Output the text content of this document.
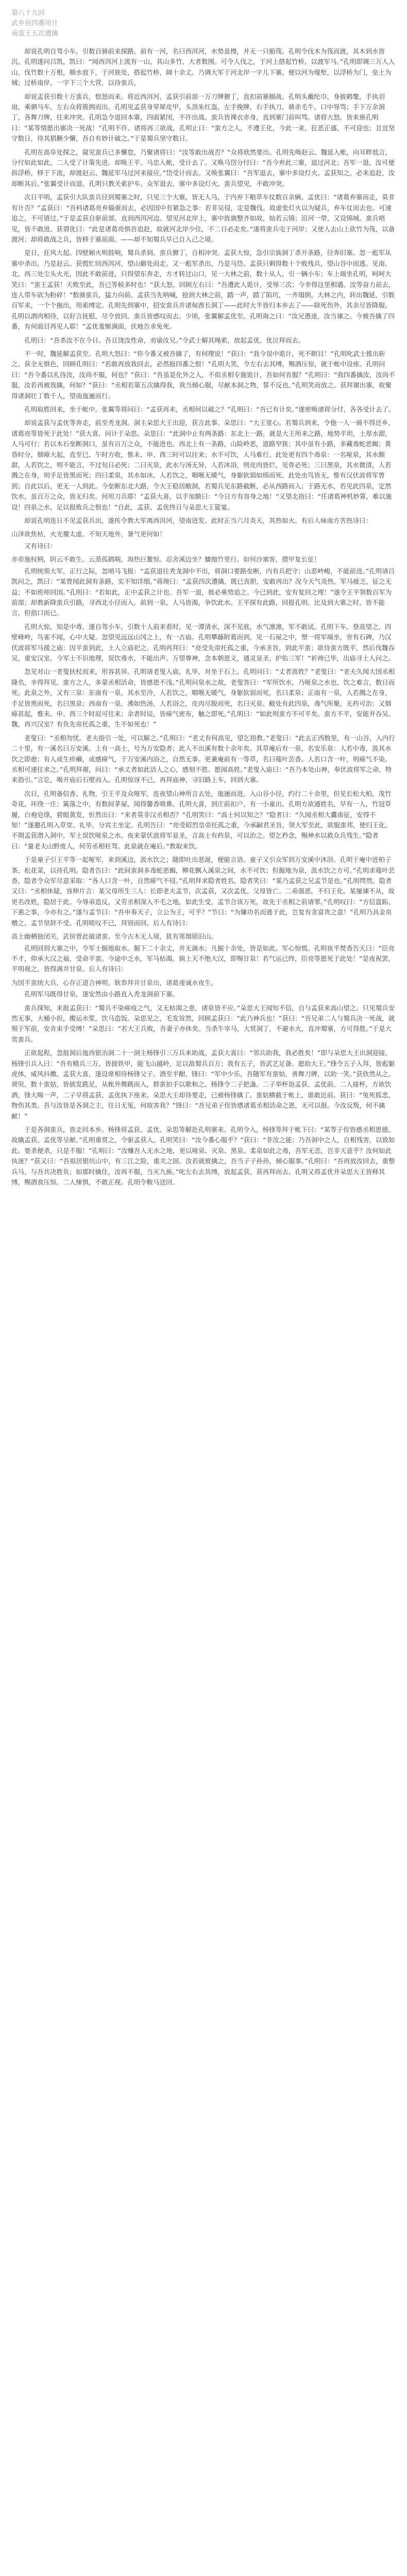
第八十九回
武乡侯四番用计
南蛮王五次遭擒

却说孔明自驾小车，引数百骑前来探路。前有一河，名曰西洱河，水势虽慢，并无一只船筏。孔明令伐木为筏而渡，其木到水皆沉。孔明遂问吕凯，凯曰：“闻西洱河上流有一山，其山多竹，大者数围。可令人伐之，于河上搭起竹桥，以渡军马。”孔明即调三万人入山，伐竹数十万根，顺水放下，于河狭处，搭起竹桥，阔十余丈。乃调大军于河北岸一字儿下寨，便以河为壕堑，以浮桥为门，垒土为城；过桥南岸，一字下三个大营，以待蛮兵。

却说孟获引数十万蛮兵，恨怒而来。将近西洱河，孟获引前部一万刀牌獠丁，直扣前寨搦战。孔明头戴纶巾，身披鹤氅，手执羽扇，乘驷马车，左右众将簇拥而出。孔明见孟获身穿犀皮甲，头顶朱红盔，左手挽牌，右手执刀，骑赤毛牛，口中辱骂；手下万余洞丁，各舞刀牌，往来冲突。孔明急令退回本寨，四面紧闭，不许出战。蛮兵皆裸衣赤身，直到寨门前叫骂。诸将大怒，皆来禀孔明曰：“某等情愿出寨决一死战！”孔明不许。诸将再三欲战，孔明止曰：“蛮方之人，不遵王化，今此一来，狂恶正盛，不可迎也；且宜坚守数日，待其猖獗少懈，吾自有妙计破之。”于是蜀兵坚守数日。

孔明在高阜处探之，窥见蛮兵已多懈怠，乃聚诸将曰：“汝等敢出战否？”众将欣然要出。孔明先唤赵云、魏延入帐，向耳畔低言，分付如此如此。二人受了计策先进。却唤王平、马忠入帐，受计去了。又唤马岱分付曰：“吾今弃此三寨，退过河北；吾军一退，汝可便拆浮桥，移于下流，却渡赵云、魏延军马过河来接应。”岱受计而去。又唤张翼曰：“吾军退去，寨中多设灯火。孟获知之，必来追赶，汝却断其后。”张翼受计而退。孔明只教关索护车。众军退去，寨中多设灯火。蛮兵望见，不敢冲突。

次日平明，孟获引大队蛮兵径到蜀寨之时，只见三个大寨，皆无人马，于内弃下粮草车仗数百余辆。孟优曰：“诸葛弃寨而走，莫非有计否？”孟获曰：“吾料诸葛亮弃辎重而去，必因国中有紧急之事：若非吴侵，定是魏伐。故虚张灯火以为疑兵，弃车仗而去也。可速追之，不可错过。”于是孟获自驱前部，直到西洱河边。望见河北岸上，寨中旌旗整齐如故，灿若云锦；沿河一带，又设锦城。蛮兵哨见，皆不敢进。获谓优曰：“此是诸葛亮惧吾追赶，故就河北岸少住，不二日必走矣。”遂将蛮兵屯于河岸；又使人去山上砍竹为筏，以备渡河；却将敢战之兵，皆移于寨前面。——却不知蜀兵早已自入己之境。

是日，狂风大起。四壁厢火明鼓响，蜀兵杀到。蛮兵獠丁，自相冲突。孟获大惊，急引宗族洞丁杀开条路，径奔旧寨。忽一彪军从寨中杀出，乃是赵云。获慌忙回西洱河，望山僻处而走。又一彪军杀出，乃是马岱。孟获只剩得数十个败残兵，望山谷中而逃。见南、北、西三处尘头火光，因此不敢前进，只得望东奔走，方才转过山口，见一大林之前，数十从人，引一辆小车；车上端坐孔明，呵呵大笑曰：“蛮王孟获！天败至此，吾已等候多时也！”获大怒，回顾左右曰：“吾遭此人诡计，受辱三次；今幸得这里相遇。汝等奋力前去，连人带车砍为粉碎！”数骑蛮兵，猛力向前。孟获当先呐喊，抢到大林之前，踏一声，踏了陷坑，一齐塌倒。大林之内，转出魏延，引数百军来，一个个拖出，用索缚定。孔明先到寨中，招安蛮兵并诸甸酋长洞丁——此时大半皆归本乡去了——除死伤外，其余尽皆降服。孔明以酒肉相待，以好言抚慰，尽令放回。蛮兵皆感叹而去。少顷，张翼解孟优至。孔明诲之曰：“汝兄愚迷，汝当谏之。今被吾擒了四番，有何面目再见人耶！”孟优羞惭满面，伏地告求免死。

孔明曰：“吾杀汝不在今日。吾且饶汝性命，劝谕汝兄。”令武士解其绳索，放起孟优。优泣拜而去。

不一时，魏延解孟获至。孔明大怒曰：“你今番又被吾擒了，有何理说！”获曰：“我今误中诡计，死不瞑目！”孔明叱武士推出斩之。获全无惧色，回顾孔明曰：“若敢再放我回去，必然报四番之恨！”孔明大笑，令左右去其缚，赐酒压惊，就于帐中设座。孔明问曰：“吾今番以礼待汝，汝尚不服，何也？”获曰：“吾虽是化外之人，不似丞相专施诡计，吾如何肯服？”孔明曰：“我四番擒汝，汝尚不服，汝若再被我擒，何如？”获曰：“丞相若第五次擒得我，我当倾心服，尽献本洞之物，誓不反也。”孔明笑而放之。获拜谢出寨，收聚得诸洞壮丁数千人，望南迤逦而行。

孔明取胜回来，坐于帐中。张翼等将问曰：“孟获再来，丞相何以破之？”孔明曰：“吾已有计矣。”遂密唤诸将分付，各各受计去了。

却说孟获与孟优等奔走，前至秃龙洞。洞主朵思大王出迎，获言此事。朵思曰：“大王宽心。若蜀兵到来，令他一人一骑不得还乡，诸葛亮等皆死于此处！”获大喜，问计于朵思。朵思曰：“此洞中止有两条路：东北上一路，就是大王所来之路，地势平坦，土厚水甜，人马可行；若以木石垒断洞口，虽有百万之众，不能进也。西北上有一条路，山险岭恶，道路窄狭；其中虽有小路，多藏毒蛇恶蝎；黄昏时分，烟瘴大起，直至巳、午时方收，惟未、申、酉三时可以往来；水不可饮，人马难行。此处更有四个毒泉：一名哑泉，其水颇甜，人若饮之，则不能言，不过旬日必死；二曰灭泉，此水与汤无异，人若沐浴，则皮肉皆烂，见骨必死；三曰黑泉，其水微清，人若溅之在身，则手足皆黑而死；四曰柔泉，其水如冰，人若饮之，咽喉无暖气，身躯软弱如绵而死。此处虫鸟皆无，惟有汉伏波将军曾到；自此以后，更无一人到此。今垒断东北大路，令大王稳居敝洞，若蜀兵见东路截断，必从西路而入；于路无水，若见此四泉，定然饮水，虽百万之众，皆无归矣。何用刀兵耶！”孟获大喜，以手加额曰：“今日方有容身之地！”又望北指曰：“任诸葛神机妙算，难以施设！四泉之水，足以报败兵之恨也！”自此，孟获、孟优终日与朵思大王筵宴。

却说孔明连日不见孟获兵出，遂传令教大军离西洱河，望南进发。此时正当六月炎天，其热如火。有后人咏南方苦热诗曰：

山泽欲焦枯，火光覆太虚。不知天地外，暑气更何如！

又有诗曰：

赤帝施权柄，阴云不敢生。云蒸孤鹤喘，海热巨鳌惊。忍舍溪边坐？慵抛竹里行。如何沙塞客，擐甲复长征！

孔明统领大军，正行之际，忽哨马飞报：“孟获退往秃龙洞中不出，将洞口要路垒断，内有兵把守；山恶岭峻，不能前进。”孔明请吕凯问之，凯曰：“某曾闻此洞有条路，实不知详细。”蒋琬曰：“孟获四次遭擒，既已丧胆，安敢再出？况今天气炎热，军马疲乏，征之无益；不如班师回国。”孔明曰：“若如此，正中孟获之计也。吾军一退，彼必乘势追之。今已到此，安有复回之理！”遂令王平领数百军为前部；却教新降蛮兵引路，寻西北小径而入。前到一泉，人马皆渴，争饮此水。王平探有此路，回报孔明。比及到大寨之时，皆不能言，但指口而已。

孔明大惊，知是中毒，遂自驾小车，引数十人前来看时，见一潭清水，深不见底，水气凛凛，军不敢试。孔明下车，登高望之，四壁峰岭，鸟雀不闻，心中大疑。忽望见远远山冈之上，有一古庙。孔明攀藤附葛而到，见一石屋之中，塑一将军端坐，旁有石碑，乃汉伏波将军马援之庙：因平蛮到此，土人立庙祀之。孔明再拜曰：“亮受先帝托孤之重，今承圣旨，到此平蛮；欲待蛮方既平，然后伐魏吞吴，重安汉室。今军士不识地理，误饮毒水，不能出声。万望尊神，念本朝恩义，通灵显圣，护佑三军！”祈祷已毕，出庙寻土人问之。

忽见对山一老叟扶杖而来，形容甚异。孔明请老叟入庙，礼毕，对坐于石上。孔明问曰：“丈者高姓？”老叟曰：“老夫久闻大国丞相隆名，幸得拜见。蛮方之人，多蒙丞相活命，皆感恩不浅。”孔明问泉水之故，老叟答曰：“军所饮水，乃哑泉之水也，饮之难言，数日而死。此泉之外，又有三泉：东南有一泉，其水至冷，人若饮之，咽喉无暖气，身躯软弱而死，名曰柔泉；正南有一泉，人若溅之在身，手足皆黑而死，名曰黑泉；西南有一泉，沸如热汤，人若浴之，皮肉尽脱而死，名曰灭泉。敝处有此四泉，毒气所聚，无药可治；又烟瘴甚起，惟未、申、酉三个时辰可往来；余者时辰，皆瘴气密布，触之即死。”孔明曰：“如此则蛮方不可平矣。蛮方不平，安能并吞吴、魏，再兴汉室？有负先帝托孤之重，生不如死也！”

老叟曰：“丞相勿忧。老夫指引一处，可以解之。”孔明曰：“老丈有何高见，望乞指教。”老叟曰：“此去正西数里，有一山谷，入内行二十里，有一溪名曰万安溪。上有一高士，号为万安隐者；此人不出溪有数十余年矣。其草庵后有一泉，名安乐泉：人若中毒，汲其水饮之即愈；有人或生疥癞，或感瘴气，于万安溪内浴之，自然无事。更兼庵前有一等草，名曰薤叶芸香。人若口含一叶，则瘴气不染。丞相可速往求之。”孔明拜谢，问曰：“承丈者如此活人之心，感刻不胜。愿闻高姓。”老叟入庙曰：“吾乃本处山神，奉伏波将军之命，特来指引。”言讫，喝开庙后石壁而入。孔明惊讶不已，再拜庙神，寻旧路上车，回到大寨。

次日，孔明备信香、礼物，引王平及众哑军，连夜望山神所言去处，迤逦而进。入山谷小径，约行二十余里，但见长松大柏，茂竹奇花，环绕一庄；篱落之中，有数间茅屋，闻得馨香喷鼻。孔明大喜，到庄前扣户，有一小童出。孔明方欲通姓名，早有一人，竹冠草履，白袍皂绦，碧眼黄发，忻然出曰：“来者莫非汉丞相否？”孔明笑曰：“高士何以知之？”隐者曰：“久闻丞相大纛南征，安得不知！”遂邀孔明入草堂。礼毕，分宾主坐定。孔明告曰：“亮受昭烈皇帝托孤之重，今承嗣君圣旨，领大军至此，欲服蛮邦，使归王化。不期孟获潜入洞中，军士误饮哑泉之水。夜来蒙伏波将军显圣，言高士有药泉，可以治之。望乞矜念，赐神水以救众兵残生。”隐者曰：“量老夫山野废人，何劳丞相枉驾。此泉就在庵后。”教取来饮。

于是童子引王平等一起哑军，来到溪边，汲水饮之；随即吐出恶涎，便能言语。童子又引众军到万安溪中沐浴。孔明于庵中进柏子茶、松花菜，以待孔明。隐者告曰：“此间蛮洞多毒蛇恶蝎，柳花飘入溪泉之间，水不可饮；但掘地为泉，汲水饮之方可。”孔明求薤叶芸香，隐者令众军尽意采取：“各人口含一叶，自然瘴气不侵。”孔明拜求隐者姓名，隐者笑曰：“某乃孟获之兄孟节是也。”孔明愕然。隐者又曰：“丞相休疑，容伸片言：某父母所生三人：长即老夫孟节，次孟获，又次孟优。父母皆亡。二弟强恶，不归王化。某屡谏不从，故更名改姓，隐居于此。今辱弟造反，又劳丞相深入不毛之地，如此生受，孟节合该万死，故先于丞相之前请罪。”孔明叹曰：“方信盗跖、下惠之事，今亦有之。”遂与孟节曰：“吾申奏天子，立公为王，可乎？”节曰：“为嫌功名而逃于此，岂复有贪富贵之意！”孔明乃具金帛赠之。孟节坚辞不受。孔明嗟叹不已，拜别而回。后人有诗曰：

高士幽栖独闭关，武侯曾此破诸蛮。至今古木无人境，犹有寒烟锁旧山。

孔明回到大寨之中，令军士掘地取水。掘下二十余丈，并无滴水；凡掘十余处，皆是如此。军心惊慌。孔明夜半焚香告天曰：“臣亮不才，仰承大汉之福，受命平蛮。今途中乏水，军马枯渴。倘上天不绝大汉，即赐甘泉！若气运已终，臣亮等愿死于此处！”是夜祝罢，平明视之，皆得满井甘泉。后人有诗曰：

为国平蛮统大兵，心存正道合神明。耿恭拜井甘泉出，诸葛虔诚水夜生。

孔明军马既得甘泉，遂安然由小路直入秃龙洞前下寨。

蛮兵探知，来报孟获曰：“蜀兵不染瘴疫之气，又无枯渴之患，诸泉皆不应。”朵思大王闻知不信，自与孟获来高山望之。只见蜀兵安然无事，大桶小担，搬运水浆，饮马造饭。朵思见之，毛发耸然，回顾孟获曰：“此乃神兵也！”获曰：“吾兄弟二人与蜀兵决一死战，就殒于军前，安肯束手受缚！”朵思曰：“若大王兵败，吾妻子亦休矣。当杀牛宰马，大赏洞丁，不避水火，直冲蜀寨，方可得胜。”于是大赏蛮兵。

正欲起程，忽报洞后迤西银冶洞二十一洞主杨锋引三万兵来助战。孟获大喜曰：“邻兵助我，我必胜矣！”即与朵思大王出洞迎接。杨锋引兵入曰：“吾有精兵三万，皆披铁甲，能飞山越岭，足以敌蜀兵百万；我有五子，皆武艺足备。愿助大王。”锋令五子入拜，皆彪躯虎体，威风抖擞。孟获大喜，遂设席相待杨锋父子。酒至半酣，锋曰：“军中少乐，吾随军有蛮姑，善舞刀牌，以助一笑。”获欣然从之。须臾，数十蛮姑，皆披发跣足，从帐外舞跳而入，群蛮拍手以歌和之。杨锋令二子把盏。二子举杯诣孟获、孟优前。二人接杯，方欲饮酒，锋大喝一声，二子早将孟获、孟优执下座来。朵思大王却待要走，已被杨锋擒了。蛮姑横截于帐上，谁敢近前。获曰：“兔死狐悲，物伤其类。吾与汝皆是各洞之主，往日无冤，何故害我？”锋曰：“吾兄弟子侄皆感诸葛丞相活命之恩，无可以报。今汝反叛，何不擒献！”

于是各洞蛮兵，皆走回本乡。杨锋将孟获、孟优、朵思等解赴孔明寨来。孔明令入，杨锋等拜于帐下曰：“某等子侄皆感丞相恩德，故擒孟获、孟优等呈献。”孔明重赏之，令驱孟获入。孔明笑曰：“汝今番心服乎？”获曰：“非汝之能；乃吾洞中之人，自相残害，以致如此。要杀便杀，只是不服！”孔明曰：“汝赚吾入无水之地，更以哑泉、灭泉、黑泉、柔泉如此之毒，吾军无恙，岂非天意乎？汝何如此执迷？”获又曰：“吾祖居银坑山中，有三江之险，重关之固。汝若就彼擒之，吾当子子孙孙，倾心服事。”孔明曰：“吾再放汝回去，重整兵马，与吾共决胜负；如那时擒住，汝再不服，当灭九族。”叱左右去其缚，放起孟获。获再拜而去。孔明又将孟优并朵思大王皆释其缚，赐酒食压惊。二人悚惧，不敢正视。孔明令鞍马送回。
